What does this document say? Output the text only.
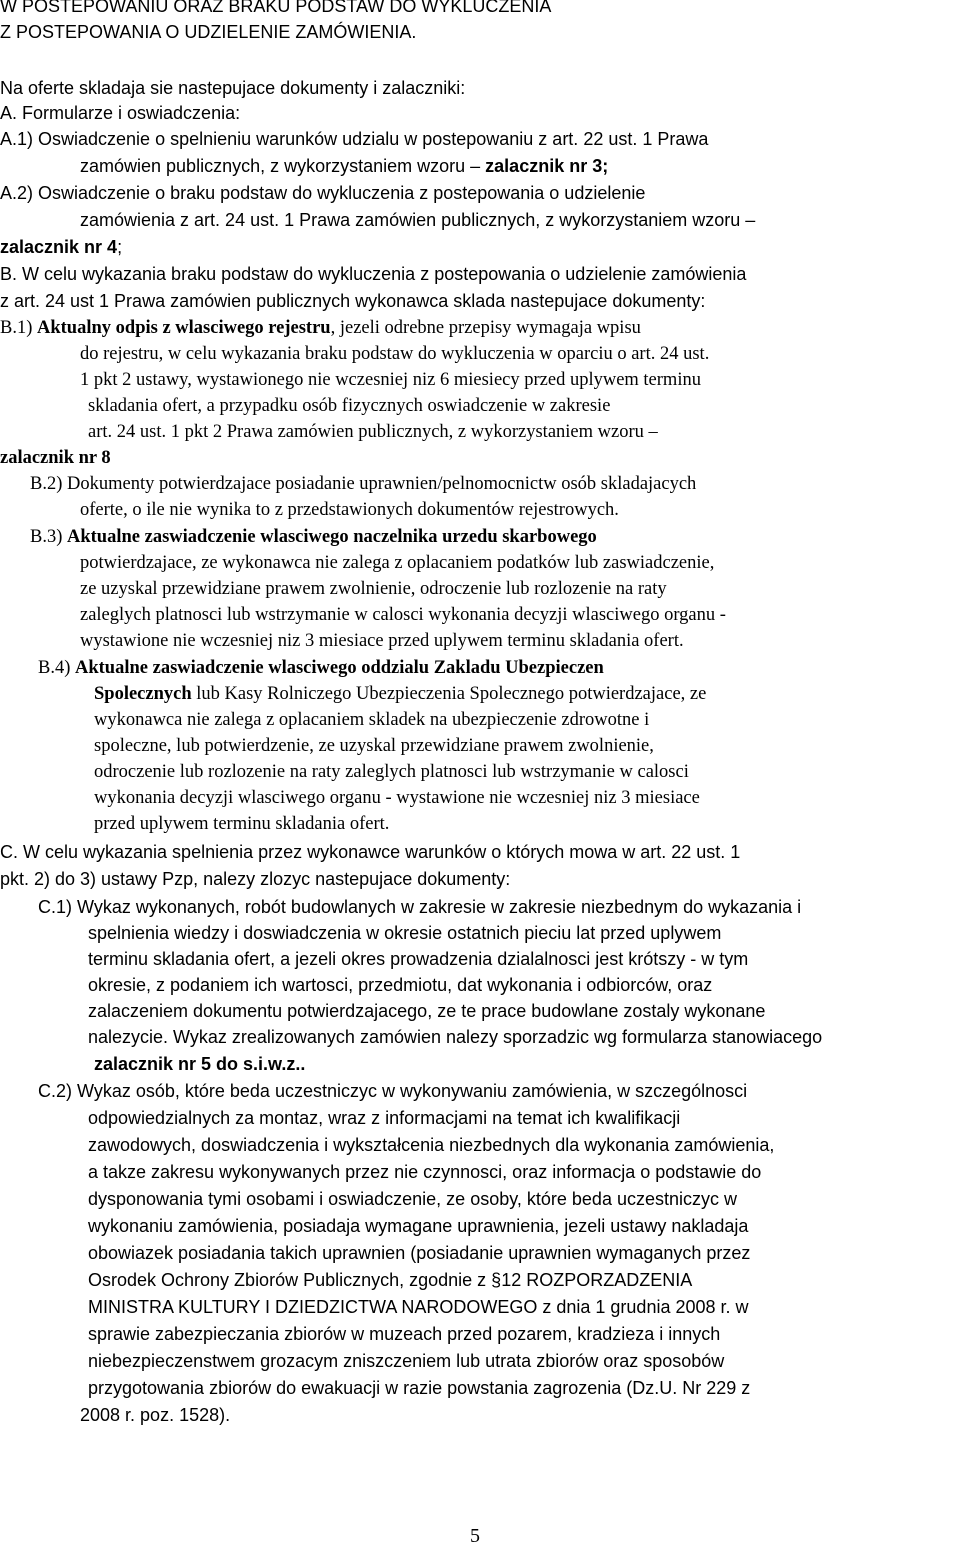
W POSTEPOWANIU ORAZ BRAKU PODSTAW DO WYKLUCZENIA
Z POSTEPOWANIA O UDZIELENIE ZAMÓWIENIA.
Na oferte skladaja sie nastepujace dokumenty i zalaczniki:
A. Formularze i oswiadczenia:
A.1) Oswiadczenie o spelnieniu warunków udzialu w postepowaniu z art. 22 ust. 1 Prawa
zamówien publicznych, z wykorzystaniem wzoru – zalacznik nr 3;
A.2) Oswiadczenie o braku podstaw do wykluczenia z postepowania o udzielenie
zamówienia z art. 24 ust. 1 Prawa zamówien publicznych, z wykorzystaniem wzoru –
zalacznik nr 4;
B. W celu wykazania braku podstaw do wykluczenia z postepowania o udzielenie zamówienia
z art. 24 ust 1 Prawa zamówien publicznych wykonawca sklada nastepujace dokumenty:
B.1) Aktualny odpis z wlasciwego rejestru, jezeli odrebne przepisy wymagaja wpisu
do rejestru, w celu wykazania braku podstaw do wykluczenia w oparciu o art. 24 ust.
1 pkt 2 ustawy, wystawionego nie wczesniej niz 6 miesiecy przed uplywem terminu
skladania ofert, a przypadku osób fizycznych oswiadczenie w zakresie
art. 24 ust. 1 pkt 2 Prawa zamówien publicznych, z wykorzystaniem wzoru –
zalacznik nr 8
B.2) Dokumenty potwierdzajace posiadanie uprawnien/pelnomocnictw osób skladajacych
oferte, o ile nie wynika to z przedstawionych dokumentów rejestrowych.
B.3) Aktualne zaswiadczenie wlasciwego naczelnika urzedu skarbowego
potwierdzajace, ze wykonawca nie zalega z oplacaniem podatków lub zaswiadczenie,
ze uzyskal przewidziane prawem zwolnienie, odroczenie lub rozlozenie na raty
zaleglych platnosci lub wstrzymanie w calosci wykonania decyzji wlasciwego organu -
wystawione nie wczesniej niz 3 miesiace przed uplywem terminu skladania ofert.
B.4) Aktualne zaswiadczenie wlasciwego oddzialu Zakladu Ubezpieczen
Spolecznych lub Kasy Rolniczego Ubezpieczenia Spolecznego potwierdzajace, ze
wykonawca nie zalega z oplacaniem skladek na ubezpieczenie zdrowotne i
spoleczne, lub potwierdzenie, ze uzyskal przewidziane prawem zwolnienie,
odroczenie lub rozlozenie na raty zaleglych platnosci lub wstrzymanie w calosci
wykonania decyzji wlasciwego organu - wystawione nie wczesniej niz 3 miesiace
przed uplywem terminu skladania ofert.
C. W celu wykazania spelnienia przez wykonawce warunków o których mowa w art. 22 ust. 1
pkt. 2) do 3) ustawy Pzp, nalezy zlozyc nastepujace dokumenty:
C.1) Wykaz wykonanych, robót budowlanych w zakresie w zakresie niezbednym do wykazania i
spelnienia wiedzy i doswiadczenia w okresie ostatnich pieciu lat przed uplywem
terminu skladania ofert, a jezeli okres prowadzenia dzialalnosci jest krótszy - w tym
okresie, z podaniem ich wartosci, przedmiotu, dat wykonania i odbiorców, oraz
zalaczeniem dokumentu potwierdzajacego, ze te prace budowlane zostaly wykonane
nalezycie. Wykaz zrealizowanych zamówien nalezy sporzadzic wg formularza stanowiacego
zalacznik nr 5 do s.i.w.z..
C.2) Wykaz osób, które beda uczestniczyc w wykonywaniu zamówienia, w szczególnosci
odpowiedzialnych za montaz, wraz z informacjami na temat ich kwalifikacji
zawodowych, doswiadczenia i wykształcenia niezbednych dla wykonania zamówienia,
a takze zakresu wykonywanych przez nie czynnosci, oraz informacja o podstawie do
dysponowania tymi osobami i oswiadczenie, ze osoby, które beda uczestniczyc w
wykonaniu zamówienia, posiadaja wymagane uprawnienia, jezeli ustawy nakladaja
obowiazek posiadania takich uprawnien (posiadanie uprawnien wymaganych przez
Osrodek Ochrony Zbiorów Publicznych, zgodnie z §12 ROZPORZADZENIA
MINISTRA KULTURY I DZIEDZICTWA NARODOWEGO z dnia 1 grudnia 2008 r. w
sprawie zabezpieczania zbiorów w muzeach przed pozarem, kradzieza i innych
niebezpieczenstwem grozacym zniszczeniem lub utrata zbiorów oraz sposobów
przygotowania zbiorów do ewakuacji w razie powstania zagrozenia (Dz.U. Nr 229 z
2008 r. poz. 1528).
5
